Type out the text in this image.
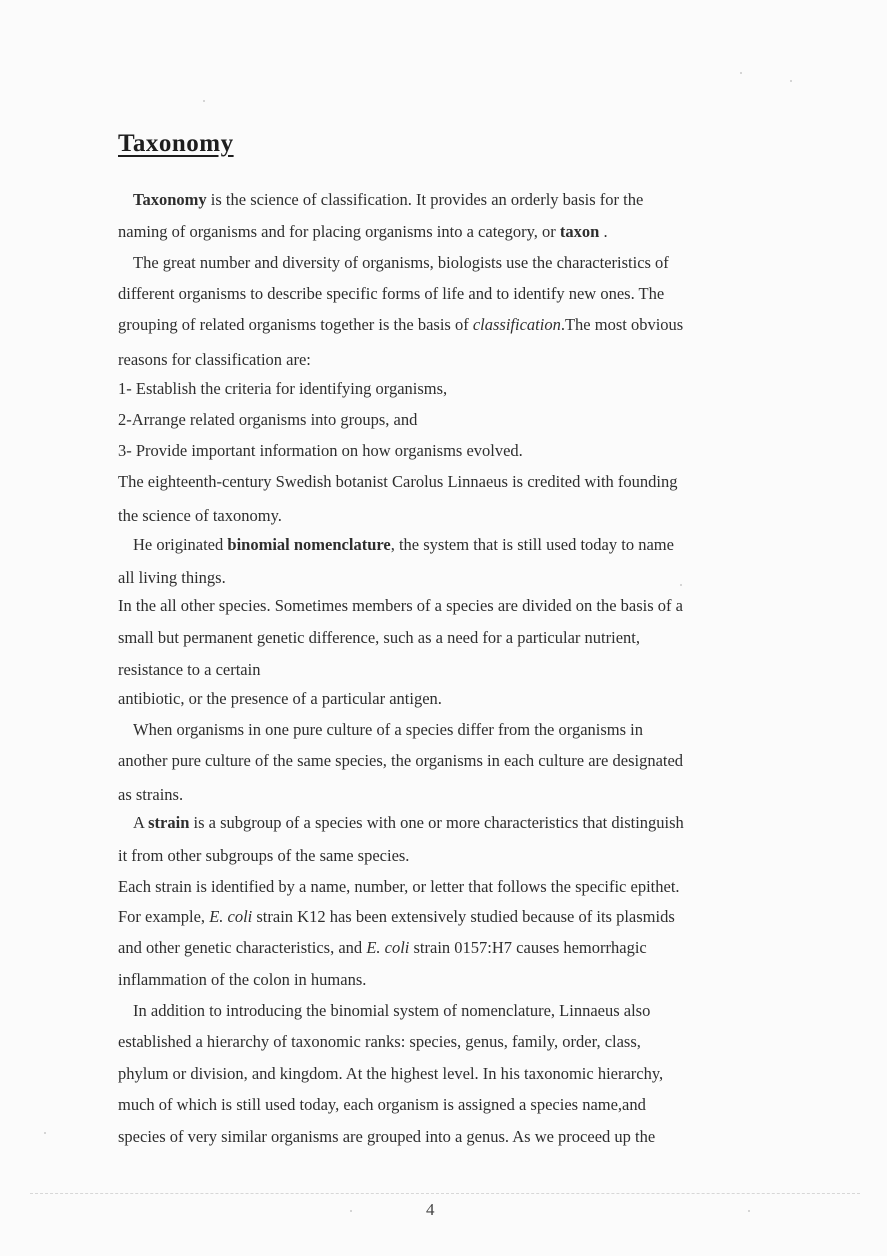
Taxonomy
Taxonomy is the science of classification. It provides an orderly basis for the
naming of organisms and for placing organisms into a category, or taxon .
The great number and diversity of organisms, biologists use the characteristics of
different organisms to describe specific forms of life and to identify new ones. The
grouping of related organisms together is the basis of classification.The most obvious
reasons for classification are:
1- Establish the criteria for identifying organisms,
2-Arrange related organisms into groups, and
3- Provide important information on how organisms evolved.
The eighteenth-century Swedish botanist Carolus Linnaeus is credited with founding
the science of taxonomy.
He originated binomial nomenclature, the system that is still used today to name
all living things.
In the all other species. Sometimes members of a species are divided on the basis of a
small but permanent genetic difference, such as a need for a particular nutrient,
resistance to a certain
antibiotic, or the presence of a particular antigen.
When organisms in one pure culture of a species differ from the organisms in
another pure culture of the same species, the organisms in each culture are designated
as strains.
A strain is a subgroup of a species with one or more characteristics that distinguish
it from other subgroups of the same species.
Each strain is identified by a name, number, or letter that follows the specific epithet.
For example, E. coli strain K12 has been extensively studied because of its plasmids
and other genetic characteristics, and E. coli strain 0157:H7 causes hemorrhagic
inflammation of the colon in humans.
In addition to introducing the binomial system of nomenclature, Linnaeus also
established a hierarchy of taxonomic ranks: species, genus, family, order, class,
phylum or division, and kingdom. At the highest level. In his taxonomic hierarchy,
much of which is still used today, each organism is assigned a species name,and
species of very similar organisms are grouped into a genus. As we proceed up the
4
